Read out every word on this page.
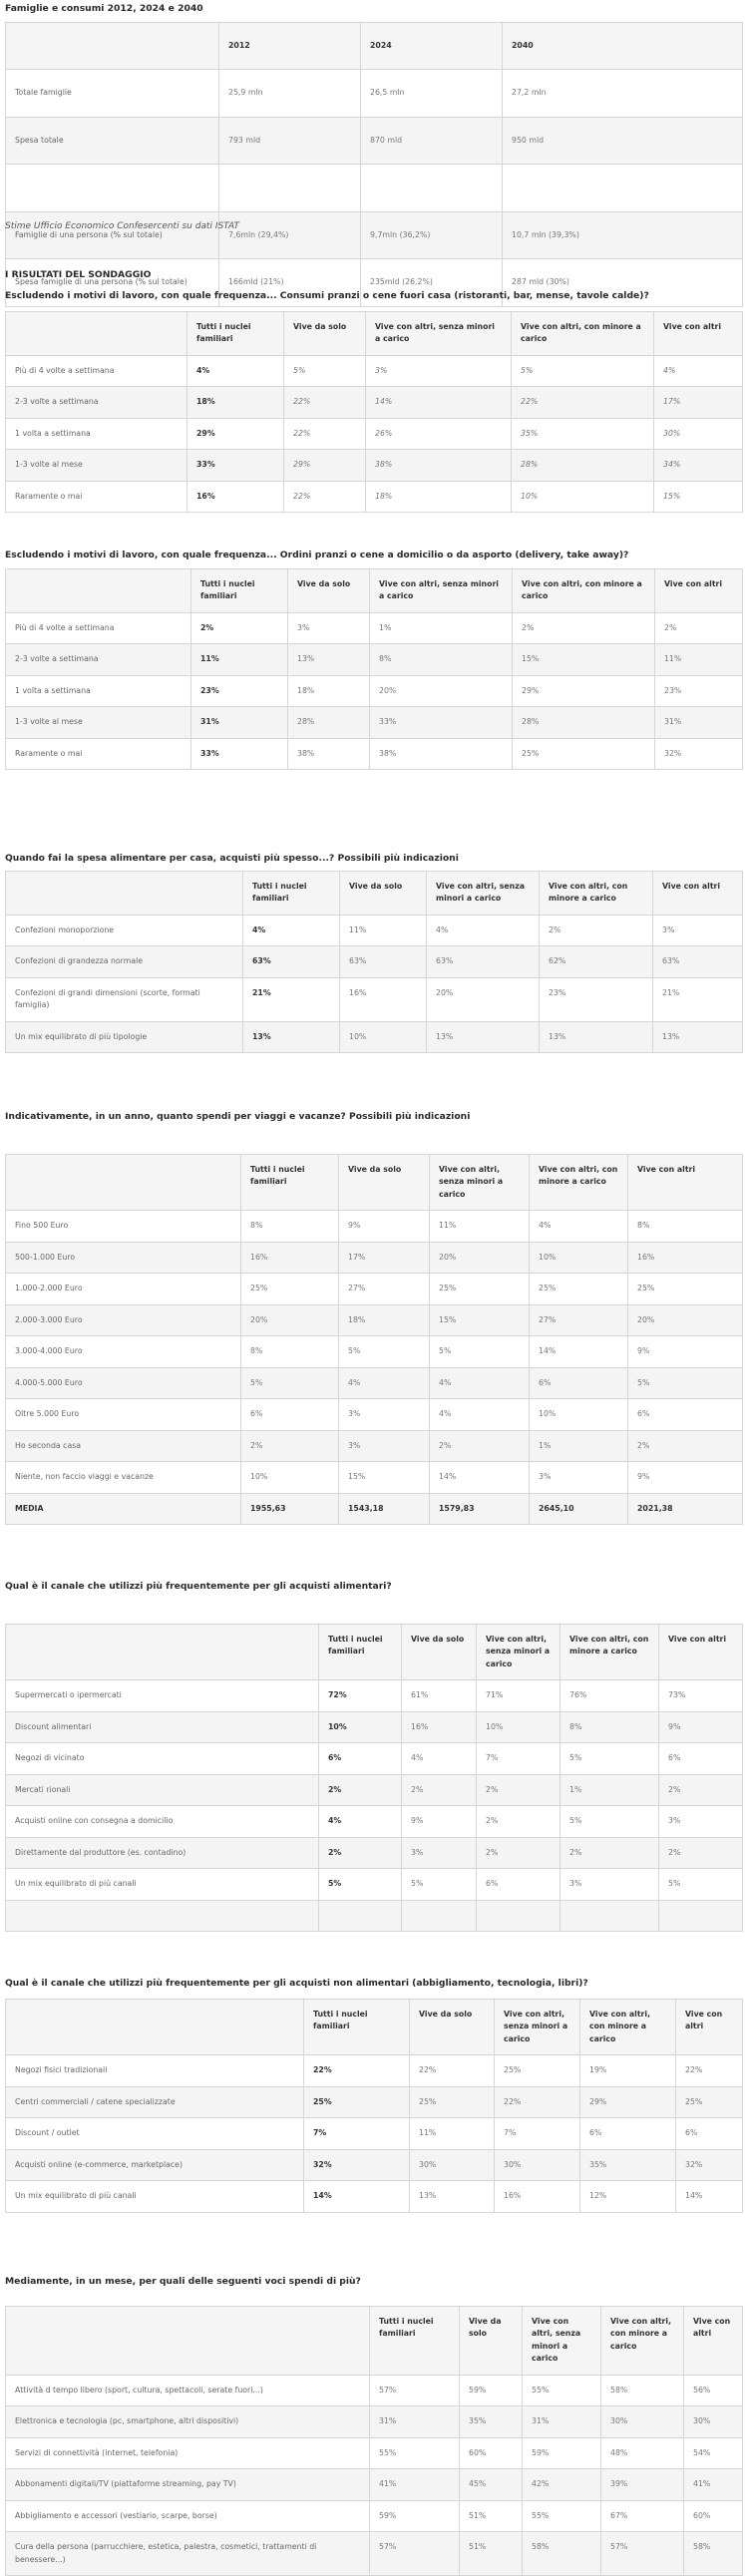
Famiglie e consumi 2012, 2024 e 2040
	2012	2024	2040
Totale famiglie	25,9 mln	26,5 mln	27,2 mln
Spesa totale	793 mld	870 mld	950 mld

Famiglie di una persona (% sul totale)	7,6mln (29,4%)	9,7mln (36,2%)	10,7 mln (39,3%)
Spesa famiglie di una persona (% sul totale)	166mld (21%)	235mld (26,2%)	287 mld (30%)
Stime Ufficio Economico Confesercenti su dati ISTAT
I RISULTATI DEL SONDAGGIO
Escludendo i motivi di lavoro, con quale frequenza... Consumi pranzi o cene fuori casa (ristoranti, bar, mense, tavole calde)?
	Tutti i nuclei familiari	Vive da solo	Vive con altri, senza minori a carico	Vive con altri, con minore a carico	Vive con altri
Più di 4 volte a settimana	4%	5%	3%	5%	4%
2-3 volte a settimana	18%	22%	14%	22%	17%
1 volta a settimana	29%	22%	26%	35%	30%
1-3 volte al mese	33%	29%	38%	28%	34%
Raramente o mai	16%	22%	18%	10%	15%
Escludendo i motivi di lavoro, con quale frequenza... Ordini pranzi o cene a domicilio o da asporto (delivery, take away)?
	Tutti i nuclei familiari	Vive da solo	Vive con altri, senza minori a carico	Vive con altri, con minore a carico	Vive con altri
Più di 4 volte a settimana	2%	3%	1%	2%	2%
2-3 volte a settimana	11%	13%	8%	15%	11%
1 volta a settimana	23%	18%	20%	29%	23%
1-3 volte al mese	31%	28%	33%	28%	31%
Raramente o mai	33%	38%	38%	25%	32%
Quando fai la spesa alimentare per casa, acquisti più spesso...? Possibili più indicazioni
	Tutti i nuclei familiari	Vive da solo	Vive con altri, senza minori a carico	Vive con altri, con minore a carico	Vive con altri
Confezioni monoporzione	4%	11%	4%	2%	3%
Confezioni di grandezza normale	63%	63%	63%	62%	63%
Confezioni di grandi dimensioni (scorte, formati famiglia)	21%	16%	20%	23%	21%
Un mix equilibrato di più tipologie	13%	10%	13%	13%	13%
Indicativamente, in un anno, quanto spendi per viaggi e vacanze? Possibili più indicazioni
	Tutti i nuclei familiari	Vive da solo	Vive con altri, senza minori a carico	Vive con altri, con minore a carico	Vive con altri
Fino 500 Euro	8%	9%	11%	4%	8%
500-1.000 Euro	16%	17%	20%	10%	16%
1.000-2.000 Euro	25%	27%	25%	25%	25%
2.000-3.000 Euro	20%	18%	15%	27%	20%
3.000-4.000 Euro	8%	5%	5%	14%	9%
4.000-5.000 Euro	5%	4%	4%	6%	5%
Oltre 5.000 Euro	6%	3%	4%	10%	6%
Ho seconda casa	2%	3%	2%	1%	2%
Niente, non faccio viaggi e vacanze	10%	15%	14%	3%	9%
MEDIA	1955,63	1543,18	1579,83	2645,10	2021,38
Qual è il canale che utilizzi più frequentemente per gli acquisti alimentari?
	Tutti i nuclei familiari	Vive da solo	Vive con altri, senza minori a carico	Vive con altri, con minore a carico	Vive con altri
Supermercati o ipermercati	72%	61%	71%	76%	73%
Discount alimentari	10%	16%	10%	8%	9%
Negozi di vicinato	6%	4%	7%	5%	6%
Mercati rionali	2%	2%	2%	1%	2%
Acquisti online con consegna a domicilio	4%	9%	2%	5%	3%
Direttamente dal produttore (es. contadino)	2%	3%	2%	2%	2%
Un mix equilibrato di più canali	5%	5%	6%	3%	5%

Qual è il canale che utilizzi più frequentemente per gli acquisti non alimentari (abbigliamento, tecnologia, libri)?
	Tutti i nuclei familiari	Vive da solo	Vive con altri, senza minori a carico	Vive con altri, con minore a carico	Vive con altri
Negozi fisici tradizionali	22%	22%	25%	19%	22%
Centri commerciali / catene specializzate	25%	25%	22%	29%	25%
Discount / outlet	7%	11%	7%	6%	6%
Acquisti online (e-commerce, marketplace)	32%	30%	30%	35%	32%
Un mix equilibrato di più canali	14%	13%	16%	12%	14%
Mediamente, in un mese, per quali delle seguenti voci spendi di più?
	Tutti i nuclei familiari	Vive da solo	Vive con altri, senza minori a carico	Vive con altri, con minore a carico	Vive con altri
Attività d tempo libero (sport, cultura, spettacoli, serate fuori...)	57%	59%	55%	58%	56%
Elettronica e tecnologia (pc, smartphone, altri dispositivi)	31%	35%	31%	30%	30%
Servizi di connettività (internet, telefonia)	55%	60%	59%	48%	54%
Abbonamenti digitali/TV (piattaforme streaming, pay TV)	41%	45%	42%	39%	41%
Abbigliamento e accessori (vestiario, scarpe, borse)	59%	51%	55%	67%	60%
Cura della persona (parrucchiere, estetica, palestra, cosmetici, trattamenti di benessere...)	57%	51%	58%	57%	58%
